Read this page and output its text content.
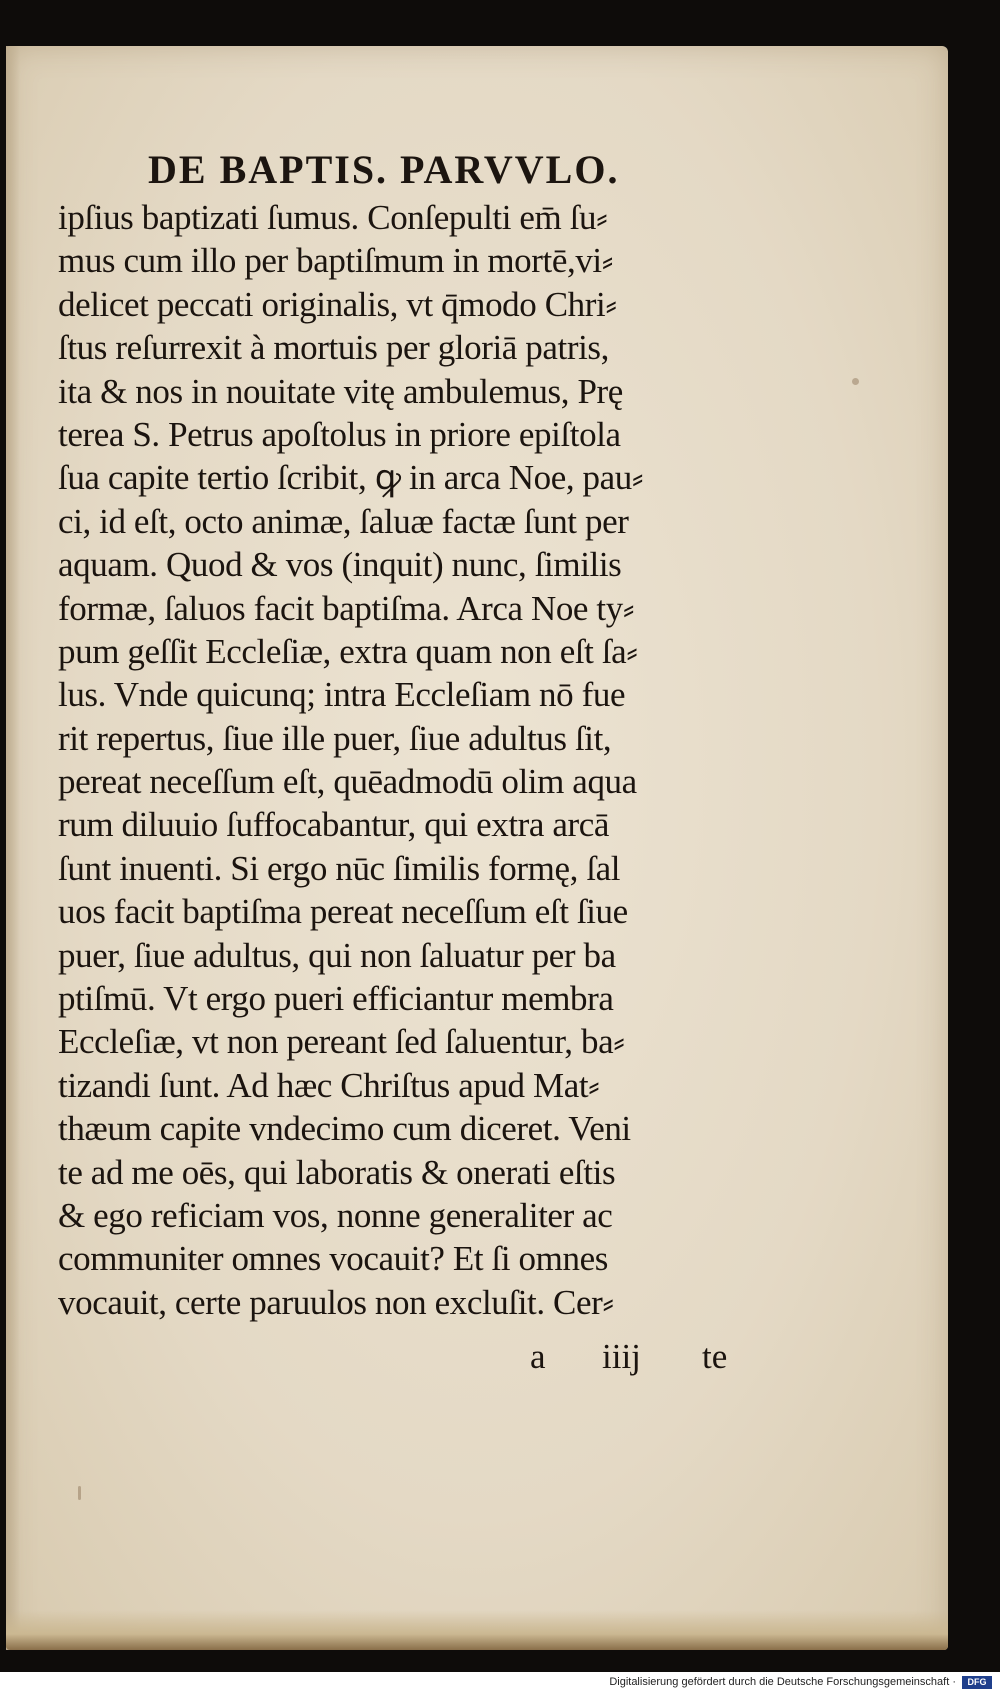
DE BAPTIS. PARVVLO.
ipſius baptizati ſumus. Conſepulti em̄ ſu⸗
mus cum illo per baptiſmum in mortē,vi⸗
delicet peccati originalis, vt q̄modo Chri⸗
ſtus reſurrexit à mortuis per gloriā patris,
ita & nos in nouitate vitę ambulemus, Prę
terea S. Petrus apoſtolus in priore epiſtola
ſua capite tertio ſcribit, ꝙ in arca Noe, pau⸗
ci, id eſt, octo animæ, ſaluæ factæ ſunt per
aquam. Quod & vos (inquit) nunc, ſimilis
formæ, ſaluos facit baptiſma. Arca Noe ty⸗
pum geſſit Eccleſiæ, extra quam non eſt ſa⸗
lus. Vnde quicunq; intra Eccleſiam nō fue
rit repertus, ſiue ille puer, ſiue adultus ſit,
pereat neceſſum eſt, quēadmodū olim aqua
rum diluuio ſuffocabantur, qui extra arcā
ſunt inuenti. Si ergo nūc ſimilis formę, ſal
uos facit baptiſma pereat neceſſum eſt ſiue
puer, ſiue adultus, qui non ſaluatur per ba
ptiſmū. Vt ergo pueri efficiantur membra
Eccleſiæ, vt non pereant ſed ſaluentur, ba⸗
tizandi ſunt. Ad hæc Chriſtus apud Mat⸗
thæum capite vndecimo cum diceret. Veni
te ad me oēs, qui laboratis & onerati eſtis
& ego reficiam vos, nonne generaliter ac
communiter omnes vocauit? Et ſi omnes
vocauit, certe paruulos non excluſit. Cer⸗
a iiij te
Digitalisierung gefördert durch die Deutsche Forschungsgemeinschaft ·	DFG
